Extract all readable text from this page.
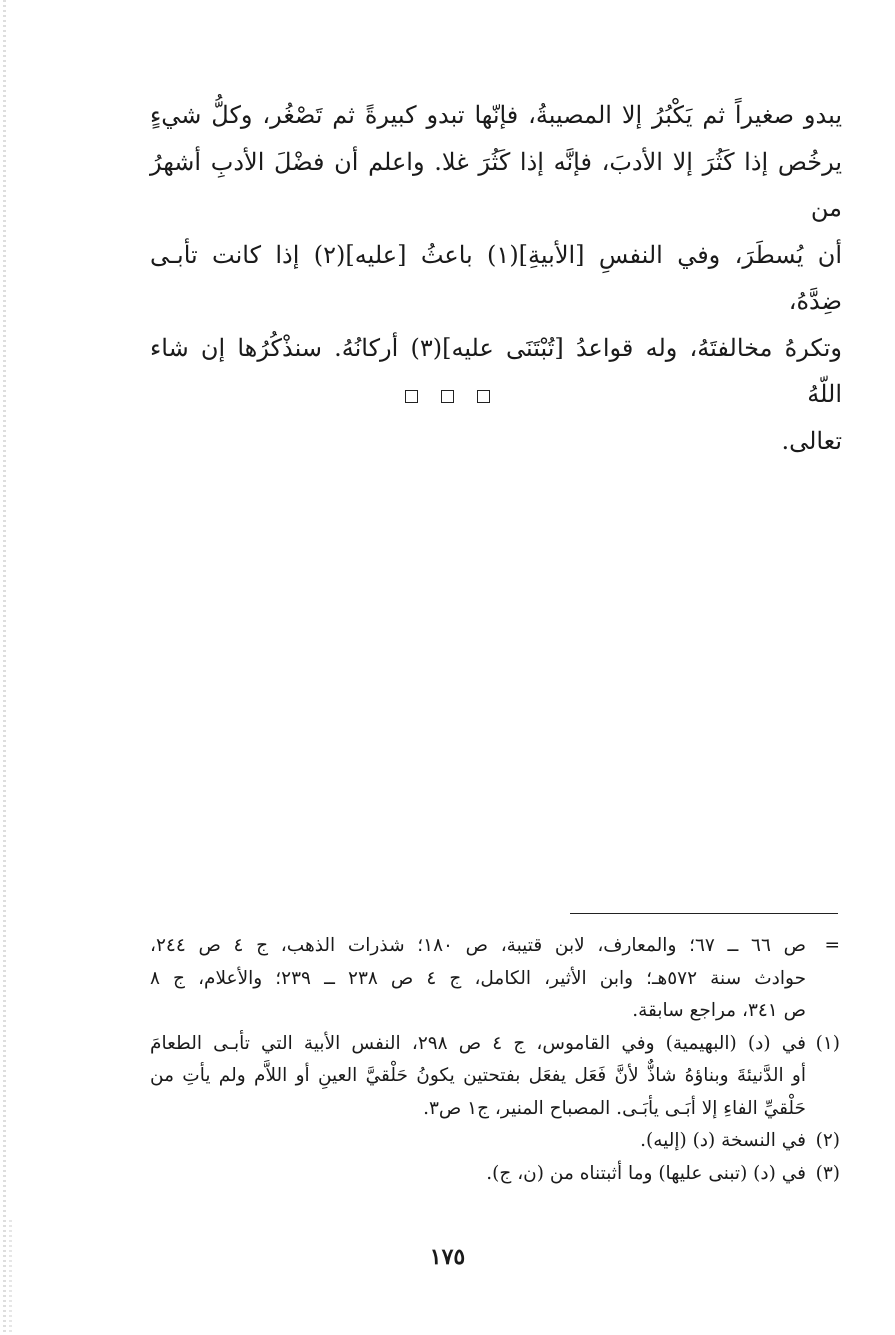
يبدو صغيراً ثم يَكْبُرُ إلا المصيبةُ، فإنّها تبدو كبيرةً ثم تَصْغُر، وكلُّ شيءٍ
يرخُص إذا كَثُرَ إلا الأدبَ، فإنَّه إذا كَثُرَ غلا. واعلم أن فضْلَ الأدبِ أشهرُ من
أن يُسطَرَ، وفي النفسِ [الأبيةِ](١) باعثُ [عليه](٢) إذا كانت تأبـى ضِدَّهُ،
وتكرهُ مخالفتَهُ، وله قواعدُ [تُبْتَنَى عليه](٣) أركانُهُ. سنذْكُرُها إن شاء اللّهُ
تعالى.

=
ص ٦٦ ــ ٦٧؛ والمعارف، لابن قتيبة، ص ١٨٠؛ شذرات الذهب، ج ٤ ص ٢٤٤،
حوادث سنة ٥٧٢هـ؛ وابن الأثير، الكامل، ج ٤ ص ٢٣٨ ــ ٢٣٩؛ والأعلام، ج ٨
ص ٣٤١، مراجع سابقة.
(١)
في (د) (البهيمية) وفي القاموس، ج ٤ ص ٢٩٨، النفس الأبية التي تأبـى الطعامَ
أو الدَّنيئةَ وبناؤهُ شاذٌّ لأنَّ فَعَل يفعَل بفتحتين يكونُ حَلْقيَّ العينِ أو اللاَّم ولم يأتِ من
حَلْقيِّ الفاءِ إلا أبَـى يأبَـى. المصباح المنير، ج١ ص٣.
(٢)
في النسخة (د) (إليه).
(٣)
في (د) (تبنى عليها) وما أثبتناه من (ن، ج).
١٧٥
